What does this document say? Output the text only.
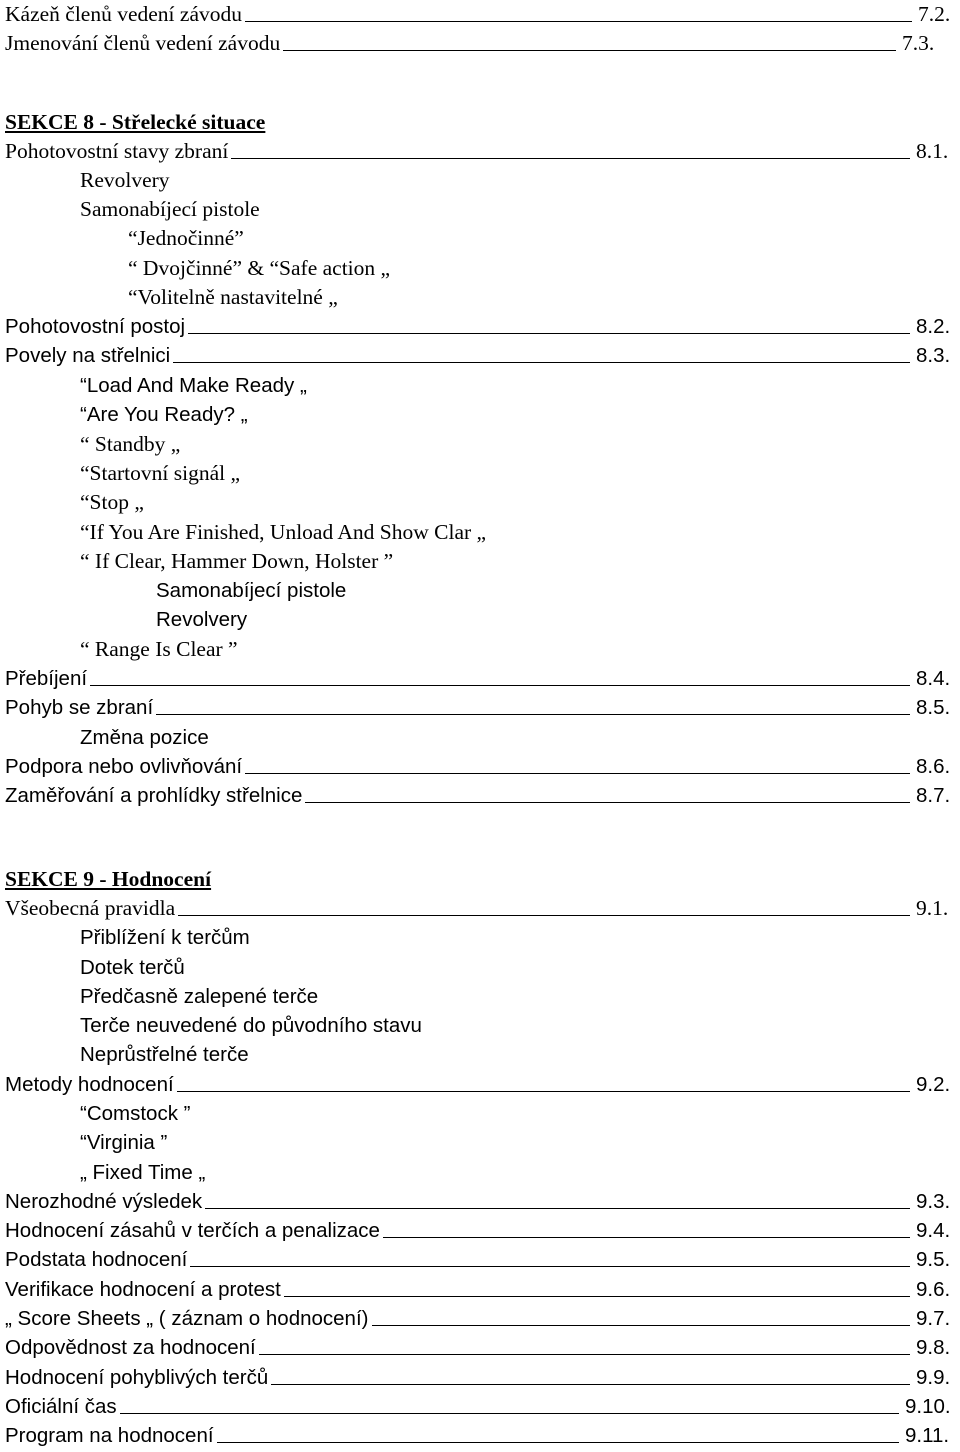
Kázeň členů vedení závodu	7.2.
Jmenování členů vedení závodu	7.3.
SEKCE 8 - Střelecké situace
Pohotovostní stavy zbraní	8.1.
Revolvery
Samonabíjecí pistole
“Jednočinné”
“ Dvojčinné” & “Safe action „
“Volitelně nastavitelné „
Pohotovostní postoj	8.2.
Povely na střelnici	8.3.
“Load And Make Ready „
“Are You Ready? „
“ Standby „
“Startovní signál „
“Stop „
“If You Are Finished, Unload And Show Clar „
“ If Clear, Hammer Down, Holster ”
Samonabíjecí pistole
Revolvery
“ Range Is Clear ”
Přebíjení	8.4.
Pohyb se zbraní	8.5.
Změna pozice
Podpora nebo ovlivňování	8.6.
Zaměřování a prohlídky střelnice	8.7.
SEKCE 9 - Hodnocení
Všeobecná pravidla	9.1.
Přiblížení k terčům
Dotek terčů
Předčasně zalepené terče
Terče neuvedené do původního stavu
Neprůstřelné terče
Metody hodnocení	9.2.
“Comstock ”
“Virginia ”
„ Fixed Time „
Nerozhodné výsledek	9.3.
Hodnocení zásahů v terčích a penalizace	9.4.
Podstata hodnocení	9.5.
Verifikace hodnocení a protest	9.6.
„ Score Sheets „ ( záznam o hodnocení)	9.7.
Odpovědnost za hodnocení	9.8.
Hodnocení pohyblivých terčů	9.9.
Oficiální čas	9.10.
Program na hodnocení	9.11.
